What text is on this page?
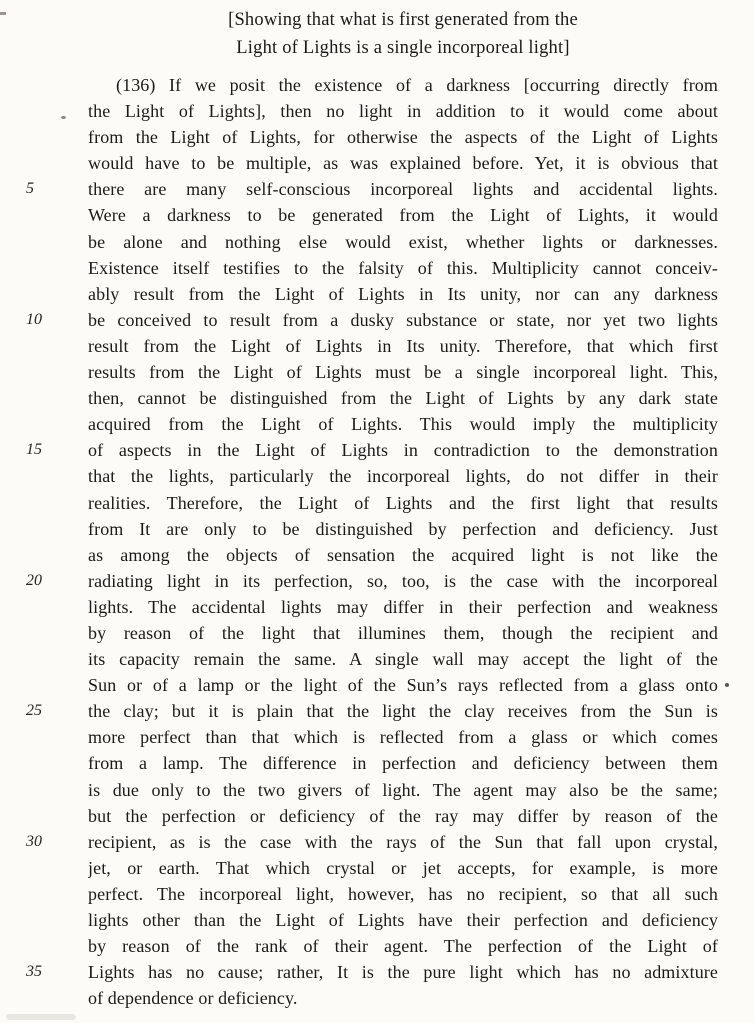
[Showing that what is first generated from the
Light of Lights is a single incorporeal light]
(136) If we posit the existence of a darkness [occurring directly from
the Light of Lights], then no light in addition to it would come about
from the Light of Lights, for otherwise the aspects of the Light of Lights
would have to be multiple, as was explained before. Yet, it is obvious that
5	there are many self-conscious incorporeal lights and accidental lights.
Were a darkness to be generated from the Light of Lights, it would
be alone and nothing else would exist, whether lights or darknesses.
Existence itself testifies to the falsity of this. Multiplicity cannot conceiv-
ably result from the Light of Lights in Its unity, nor can any darkness
10	be conceived to result from a dusky substance or state, nor yet two lights
result from the Light of Lights in Its unity. Therefore, that which first
results from the Light of Lights must be a single incorporeal light. This,
then, cannot be distinguished from the Light of Lights by any dark state
acquired from the Light of Lights. This would imply the multiplicity
15	of aspects in the Light of Lights in contradiction to the demonstration
that the lights, particularly the incorporeal lights, do not differ in their
realities. Therefore, the Light of Lights and the first light that results
from It are only to be distinguished by perfection and deficiency. Just
as among the objects of sensation the acquired light is not like the
20	radiating light in its perfection, so, too, is the case with the incorporeal
lights. The accidental lights may differ in their perfection and weakness
by reason of the light that illumines them, though the recipient and
its capacity remain the same. A single wall may accept the light of the
Sun or of a lamp or the light of the Sun’s rays reflected from a glass onto
25	the clay; but it is plain that the light the clay receives from the Sun is
more perfect than that which is reflected from a glass or which comes
from a lamp. The difference in perfection and deficiency between them
is due only to the two givers of light. The agent may also be the same;
but the perfection or deficiency of the ray may differ by reason of the
30	recipient, as is the case with the rays of the Sun that fall upon crystal,
jet, or earth. That which crystal or jet accepts, for example, is more
perfect. The incorporeal light, however, has no recipient, so that all such
lights other than the Light of Lights have their perfection and deficiency
by reason of the rank of their agent. The perfection of the Light of
35	Lights has no cause; rather, It is the pure light which has no admixture
of dependence or deficiency.
